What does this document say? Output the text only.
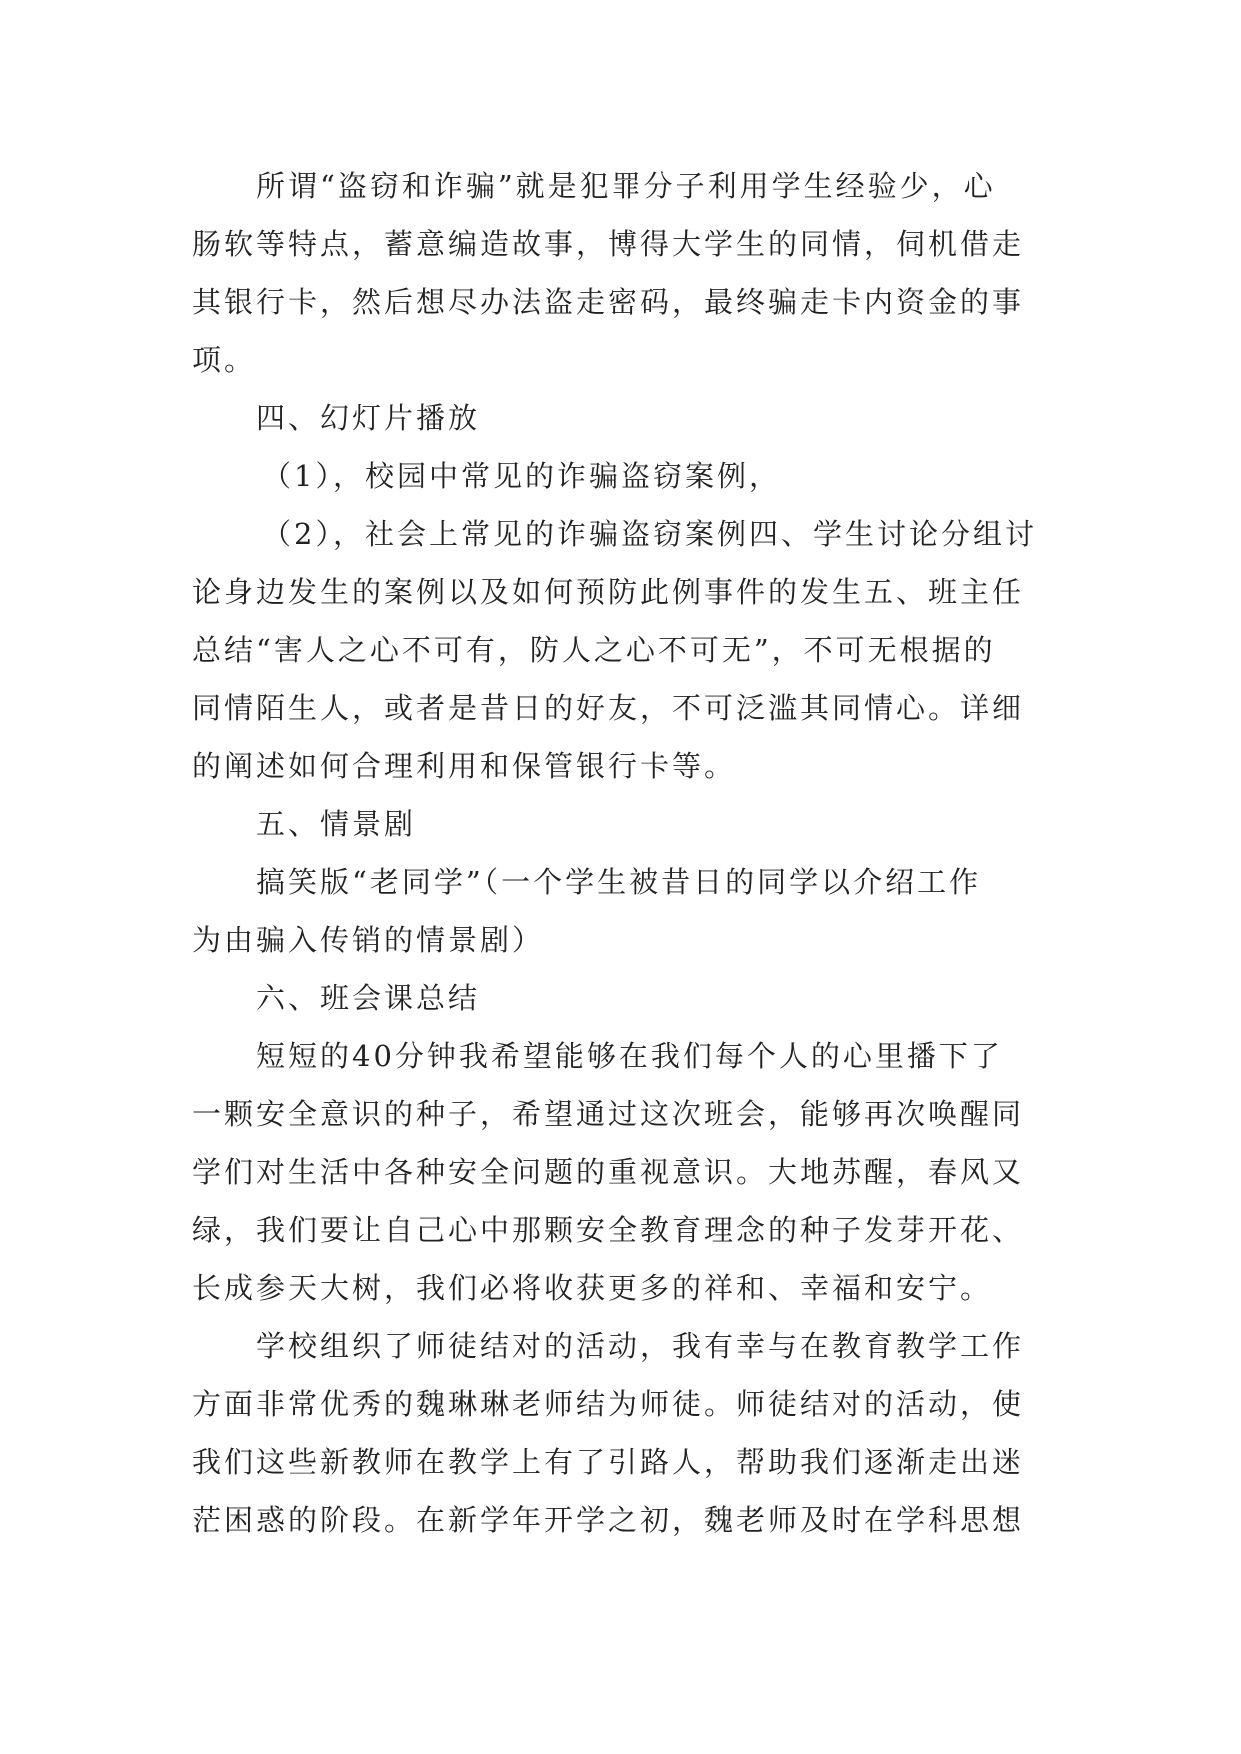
所谓“盗窃和诈骗”就是犯罪分子利用学生经验少，心
肠软等特点，蓄意编造故事，博得大学生的同情，伺机借走
其银行卡，然后想尽办法盗走密码，最终骗走卡内资金的事
项。
四、幻灯片播放
（1），校园中常见的诈骗盗窃案例，
（2），社会上常见的诈骗盗窃案例四、学生讨论分组讨
论身边发生的案例以及如何预防此例事件的发生五、班主任
总结“害人之心不可有，防人之心不可无”，不可无根据的
同情陌生人，或者是昔日的好友，不可泛滥其同情心。详细
的阐述如何合理利用和保管银行卡等。
五、情景剧
搞笑版“老同学”（一个学生被昔日的同学以介绍工作
为由骗入传销的情景剧）
六、班会课总结
短短的40分钟我希望能够在我们每个人的心里播下了
一颗安全意识的种子，希望通过这次班会，能够再次唤醒同
学们对生活中各种安全问题的重视意识。大地苏醒，春风又
绿，我们要让自己心中那颗安全教育理念的种子发芽开花、
长成参天大树，我们必将收获更多的祥和、幸福和安宁。
学校组织了师徒结对的活动，我有幸与在教育教学工作
方面非常优秀的魏琳琳老师结为师徒。师徒结对的活动，使
我们这些新教师在教学上有了引路人，帮助我们逐渐走出迷
茫困惑的阶段。在新学年开学之初，魏老师及时在学科思想
